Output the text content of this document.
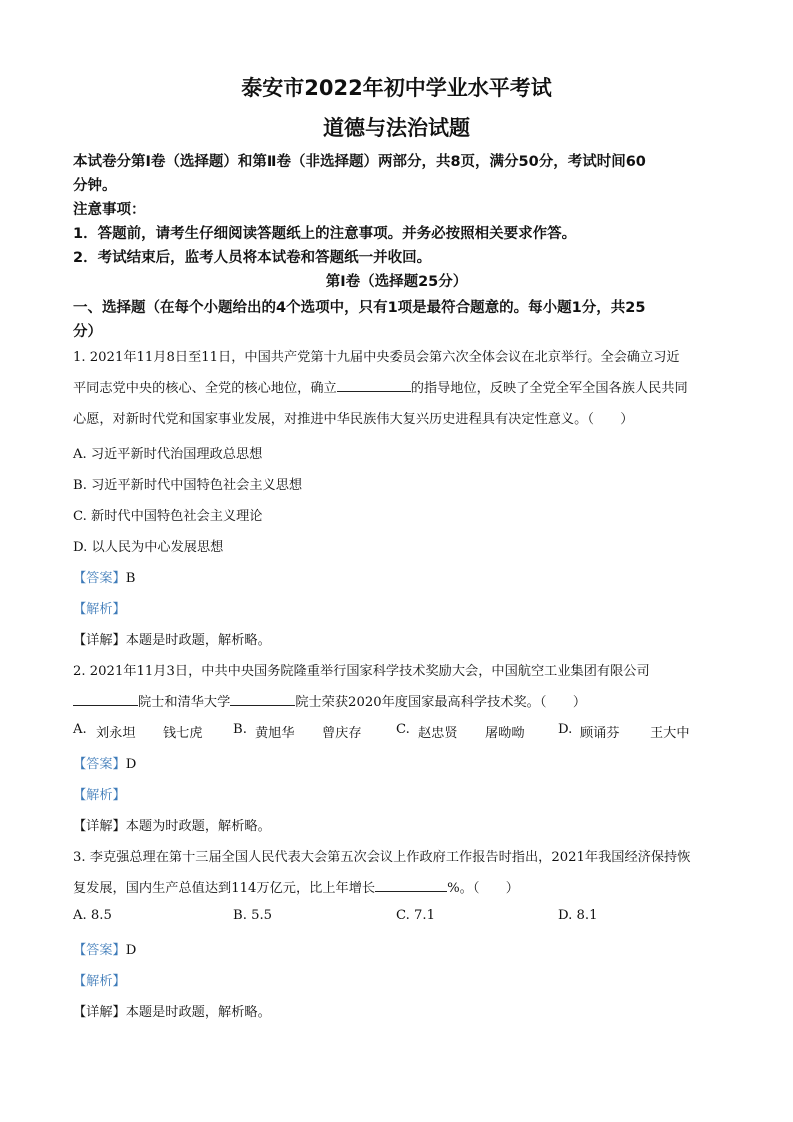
泰安市2022年初中学业水平考试
道德与法治试题
本试卷分第Ⅰ卷（选择题）和第Ⅱ卷（非选择题）两部分，共8页，满分50分，考试时间60
分钟。
注意事项：
1．答题前，请考生仔细阅读答题纸上的注意事项。并务必按照相关要求作答。
2．考试结束后，监考人员将本试卷和答题纸一并收回。
第Ⅰ卷（选择题25分）
一、选择题（在每个小题给出的4个选项中，只有1项是最符合题意的。每小题1分，共25
分）
1. 2021年11月8日至11日，中国共产党第十九届中央委员会第六次全体会议在北京举行。全会确立习近
平同志党中央的核心、全党的核心地位，确立	的指导地位，反映了全党全军全国各族人民共同
心愿，对新时代党和国家事业发展，对推进中华民族伟大复兴历史进程具有决定性意义。（　　）
A. 习近平新时代治国理政总思想
B. 习近平新时代中国特色社会主义思想
C. 新时代中国特色社会主义理论
D. 以人民为中心发展思想
【答案】B
【解析】
【详解】本题是时政题，解析略。
2. 2021年11月3日，中共中央国务院隆重举行国家科学技术奖励大会，中国航空工业集团有限公司
院士和清华大学	院士荣获2020年度国家最高科学技术奖。（　　）
A. 刘永坦 钱七虎 B. 黄旭华 曾庆存	C. 赵忠贤 屠呦呦	D. 顾诵芬 王大中
【答案】D
【解析】
【详解】本题为时政题，解析略。
3. 李克强总理在第十三届全国人民代表大会第五次会议上作政府工作报告时指出，2021年我国经济保持恢
复发展，国内生产总值达到114万亿元，比上年增长	%。（　　）
A. 8.5	B. 5.5	C. 7.1	D. 8.1
【答案】D
【解析】
【详解】本题是时政题，解析略。
